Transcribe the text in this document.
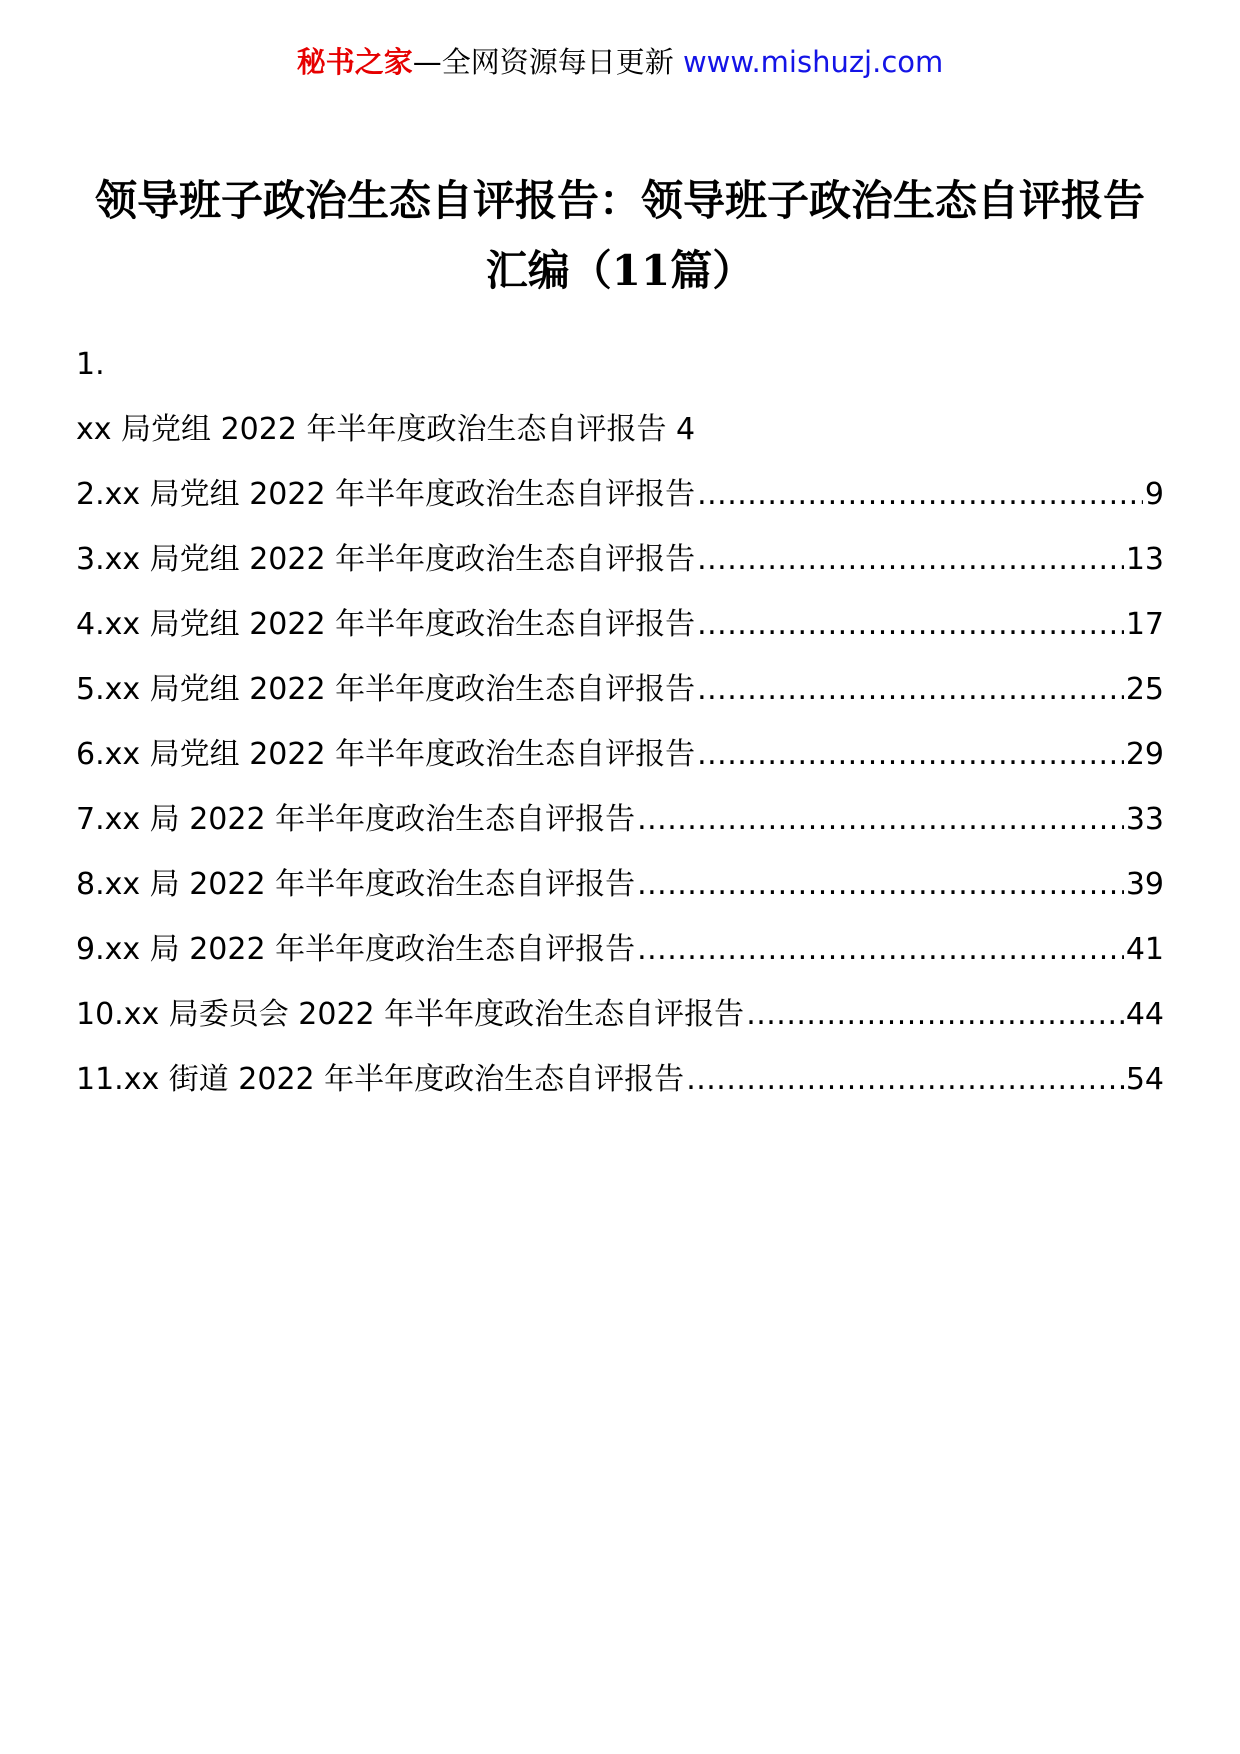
秘书之家—全网资源每日更新 www.mishuzj.com
领导班子政治生态自评报告：领导班子政治生态自评报告汇编（11篇）
1.
xx 局党组 2022 年半年度政治生态自评报告 4
2.xx 局党组 2022 年半年度政治生态自评报告 .....	9
3.xx 局党组 2022 年半年度政治生态自评报告 .....	13
4.xx 局党组 2022 年半年度政治生态自评报告 .....	17
5.xx 局党组 2022 年半年度政治生态自评报告 .....	25
6.xx 局党组 2022 年半年度政治生态自评报告 .....	29
7.xx 局 2022 年半年度政治生态自评报告 .....	33
8.xx 局 2022 年半年度政治生态自评报告 .....	39
9.xx 局 2022 年半年度政治生态自评报告 .....	41
10.xx 局委员会 2022 年半年度政治生态自评报告 .....	44
11.xx 街道 2022 年半年度政治生态自评报告 .....	54
